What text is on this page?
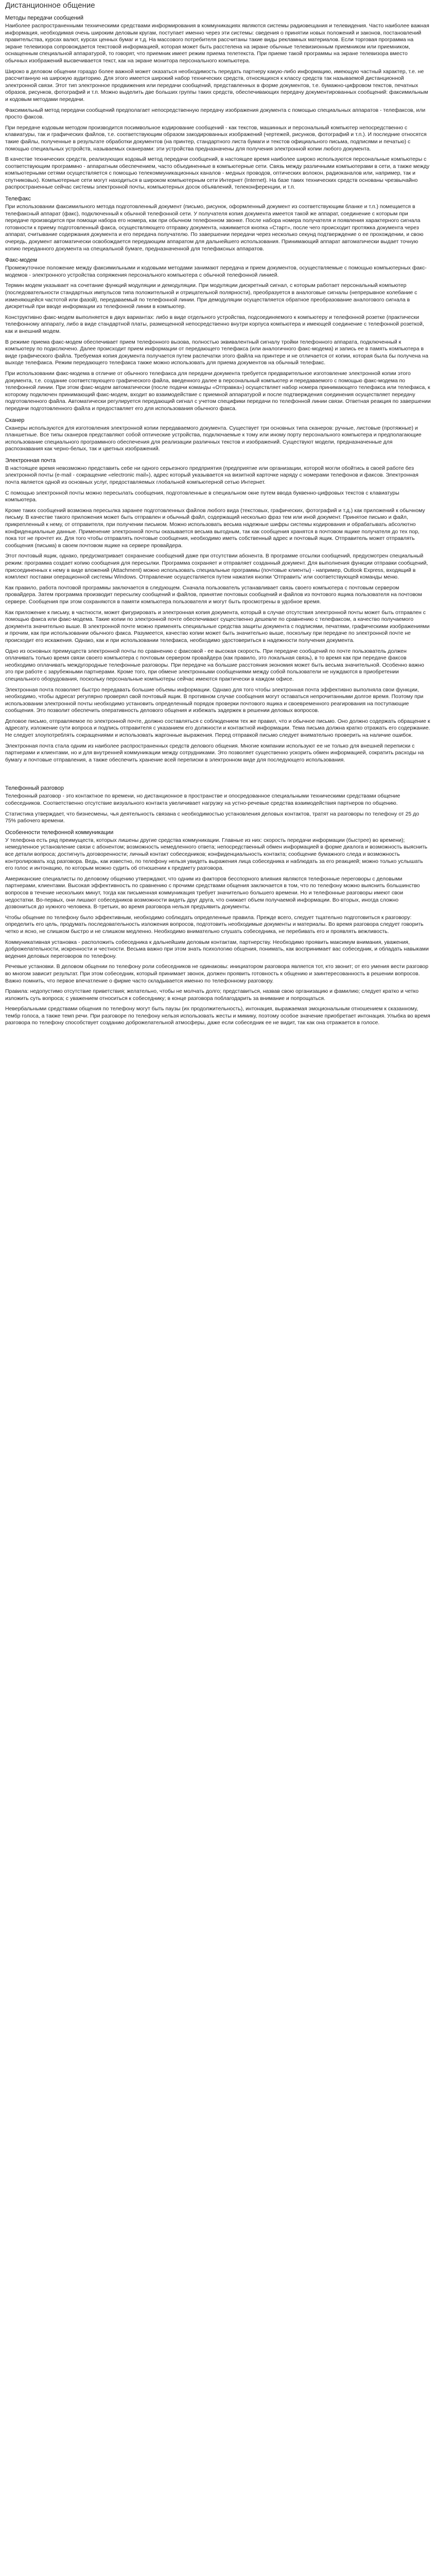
Дистанционное общение
Методы передачи сообщений

Наиболее распространенными техническими средствами информирования в коммуникациях являются системы радиовещания и телевидения. Часто наиболее важная информация, необходимая очень широким деловым кругам, поступает именно через эти системы: сведения о принятии новых положений и законов, постановлений правительства, курсах валют, курсах ценных бумаг и т.д. На массового потребителя рассчитаны такие виды рекламных материалов. Если торговая программа на экране телевизора сопровождается текстовой информацией, которая может быть расстелена на экране обычные телевизионным приемником или приемником, оснащенным специальной аппаратурой, то говорят, что приемник имеет режим приема телетекста. При приеме такой программы на экране телевизора вместо обычных изображений высвечивается текст, как на экране монитора персонального компьютера.

Широко в деловом общении гораздо более важной может оказаться необходимость передать партнеру какую-либо информацию, имеющую частный характер, т.е. не рассчитанную на широкую аудиторию. Для этого имеется широкий набор технических средств, относящихся к классу средств так называемой дистанционной электронной связи. Этот тип электронное продвижения или передачи сообщений, представленных в форме документов, т.е. бумажно-цифровом текстов, печатных образов, рисунков, фотографий и т.п. Можно выделить две больших группы таких средств, обеспечивающих передачу документированных сообщений: факсимильным и кодовым методами передачи.

Факсимильный метод передачи сообщений предполагает непосредственную передачу изображения документа с помощью специальных аппаратов - телефаксов, или просто факсов.

При передаче кодовым методом производится посимвольное кодирование сообщений - как текстов, машинных и персональный компьютер непосредственно с клавиатуры, так и графических файлов, т.е. соответствующим образом закодированных изображений (чертежей, рисунков, фотографий и т.п.). И последние относятся такие файлы, полученные в результате обработки документов (на принтер, стандартного листа бумаги и текстов официального письма, подписями и печатью) с помощью специальных устройств, называемых сканерами: эти устройства предназначены для получения электронной копии любого документа.

В качестве технических средств, реализующих кодовый метод передачи сообщений, в настоящее время наиболее широко используются персональные компьютеры с соответствующим программно - аппаратным обеспечением, часто объединенные в компьютерные сети. Связь между различными компьютерами в сети, а также между компьютерными сетями осуществляется с помощью телекоммуникационных каналов - медных проводов, оптических волокон, радиоканалов или, например, так и спутниковых). Компьютерные сети могут находиться в широком компьютерным сети Интернет (Internet). На базе таких технических средств основаны чрезвычайно распространенные сейчас системы электронной почты, компьютерных досок объявлений, телеконференции, и т.п.

Телефакс

При использовании факсимильного метода подготовленный документ (письмо, рисунок, оформленный документ из соответствующим бланке и т.п.) помещается в телефаксный аппарат (факс), подключенный к обычной телефонной сети. У получателя копия документа имеется такой же аппарат, соединение с которым при передаче производится при помощи набора его номера, как при обычном телефонном звонке. После набора номера получателя и появления характерного сигнала готовности к приему подготовленный факса, осуществляющего отправку документа, нажимается кнопка «Старт», после чего происходит протяжка документа через аппарат, считывание содержания документа и его передача получателю. По завершении передачи через несколько секунд подтверждение о ее прохождении, и свою очередь, документ автоматически освобождается передающим аппаратом для дальнейшего использования. Принимающий аппарат автоматически выдает точную копию переданного документа на специальной бумаге, предназначенной для телефаксных аппаратов.

Факс-модем

Промежуточное положение между факсимильными и кодовыми методами занимают передача и прием документов, осуществляемые с помощью компьютерных факс-модемов - электронного устройства сопряжения персонального компьютера с обычной телефонной линией.

Термин модем указывает на сочетание функций модуляции и демодуляции. При модуляции дискретный сигнал, с которым работает персональный компьютер (последовательности стандартных импульсов типа положительной и отрицательной полярности), преобразуется в аналоговые сигналы (непрерывное колебание с изменяющейся частотой или фазой), передаваемый по телефонной линии. При демодуляции осуществляется обратное преобразование аналогового сигнала в дискретный при вводе информации из телефонной линии в компьютер.

Конструктивно факс-модем выполняется в двух вариантах: либо в виде отдельного устройства, подсоединяемого к компьютеру и телефонной розетке (практически телефонному аппарату, либо в виде стандартной платы, размещенной непосредственно внутри корпуса компьютера и имеющей соединение с телефонной розеткой, как и внешний модем.

В режиме приема факс-модем обеспечивает прием телефонного вызова, полностью эквивалентный сигналу тройки телефонного аппарата, подключенный к компьютеру по подкслючено. Далее происходит прием информации от передающего телефакса (или аналогичного факс-модема) и запись ее в память компьютера в виде графического файла. Требуемая копия документа получается путем распечатки этого файла на принтере и не отличается от копии, которая была бы получена на выходе телефакса. Режим передающего телефакса также можно использовать для приема документов на обычный телефакс.

При использовании факс-модема в отличие от обычного телефакса для передачи документа требуется предварительное изготовление электронной копии этого документа, т.е. создание соответствующего графического файла, введенного далее в персональный компьютер и передаваемого с помощью факс-модема по телефонной линии. При этом факс-модем автоматически (после подачи команды «Отправка») осуществляет набор номера принимающего телефакса или телефакса, к которому подключен принимающий факс-модем, входит во взаимодействие с приемной аппаратурой и после подтверждения соединения осуществляет передачу подготовленного файла. Автоматически регулируется передающий сигнал с учетом специфики передачи по телефонной линии связи. Ответная реакция по завершении передачи подготовленного файла и предоставляет его для использования обычного факса.

Сканер

Сканеры используются для изготовления электронной копии передаваемого документа. Существует три основных типа сканеров: ручные, листовые (протяжные) и планшетные. Все типы сканеров представляют собой оптические устройства, подключаемые к тому или иному порту персонального компьютера и предполагающие использование специального программного обеспечения для реализации различных текстов и изображений. Существуют модели, предназначенные для распознавания как черно-белых, так и цветных изображений.

Электронная почта

В настоящее время невозможно представить себе ни одного серьезного предприятия (предприятие или организации, которой могли обойтись в своей работе без электронной почты (e-mail - сокращение «electronic mail»), адрес который указывается на визитной карточке наряду с номерами телефонов и факсов. Электронная почта является одной из основных услуг, предоставляемых глобальной компьютерной сетью Интернет.

С помощью электронной почты можно пересылать сообщения, подготовленные в специальном окне путем ввода буквенно-цифровых текстов с клавиатуры компьютера.

Кроме таких сообщений возможна пересылка заранее подготовленных файлов любого вида (текстовых, графических, фотографий и т.д.) как приложений к обычному письму. В качестве такого приложения может быть отправлен и обычный файл, содержащий несколько фраз тем или иной документ. Принятое письмо и файл, прикрепленный к нему, от отправителя, при получении письмом. Можно использовать весьма надежные шифры системы кодирования и обрабатывать абсолютно конфиденциальные данные. Применение электронной почты оказывается весьма выгодным, так как сообщения хранятся в почтовом ящике получателя до тех пор, пока тот не прочтет их. Для того чтобы отправлять почтовые сообщения, необходимо иметь собственный адрес и почтовый ящик. Отправитель может отправлять сообщения (письма) в своем почтовом ящике на сервере провайдера.

Этот почтовый ящик, однако, предусматривает сохранение сообщений даже при отсутствии абонента. В программе отсылки сообщений, предусмотрен специальный режим: программа создает копию сообщения для пересылки. Программа сохраняет и отправляет созданный документ. Для выполнения функции отправки сообщений, присоединенных к нему в виде вложений (Attachment) можно использовать специальные программы (почтовые клиенты) - например, Outlook Express, входящий в комплект поставки операционной системы Windows. Отправление осуществляется путем нажатия кнопки 'Отправить' или соответствующей команды меню.

Как правило, работа почтовой программы заключается в следующем. Сначала пользователь устанавливает связь своего компьютера с почтовым сервером провайдера. Затем программа производит пересылку сообщений и файлов, принятие почтовых сообщений и файлов из почтового ящика пользователя на почтовом сервере. Сообщения при этом сохраняются в памяти компьютера пользователя и могут быть просмотрены в удобное время.

Как приложение к письму, в частности, может фигурировать и электронная копия документа, который в случае отсутствия электронной почты может быть отправлен с помощью факса или факс-модема. Такие копии по электронной почте обеспечивают существенно дешевле по сравнению с телефаксом, а качество получаемого документа значительно выше. В электронной почте можно применять специальные средства защиты документа с подписями, печатями, графическими изображениями и прочим, как при использовании обычного факса. Разумеется, качество копии может быть значительно выше, поскольку при передаче по электронной почте не происходит его искажения. Однако, как и при использовании телефакса, необходимо удостовериться в надежности получения документа.

Одно из основных преимуществ электронной почты по сравнению с факсовой - ее высокая скорость. При передаче сообщений по почте пользователь должен оплачивать только время связи своего компьютера с почтовым сервером провайдера (как правило, это локальная связь), в то время как при передаче факсов необходимо оплачивать междугородные телефонные разговоры. При передаче на большие расстояния экономия может быть весьма значительной. Особенно важно это при работе с зарубежными партнерами. Кроме того, при обмене электронными сообщениями между собой пользователи не нуждаются в приобретении специального оборудования, поскольку персональные компьютеры сейчас имеются практически в каждом офисе.

Электронная почта позволяет быстро передавать большие объемы информации. Однако для того чтобы электронная почта эффективно выполняла свои функции, необходимо, чтобы адресат регулярно проверял свой почтовый ящик. В противном случае сообщения могут оставаться непрочитанными долгое время. Поэтому при использовании электронной почты необходимо установить определенный порядок проверки почтового ящика и своевременного реагирования на поступающие сообщения. Это позволит обеспечить оперативность делового общения и избежать задержек в решении деловых вопросов.

Деловое письмо, отправляемое по электронной почте, должно составляться с соблюдением тех же правил, что и обычное письмо. Оно должно содержать обращение к адресату, изложение сути вопроса и подпись отправителя с указанием его должности и контактной информации. Тема письма должна кратко отражать его содержание. Не следует злоупотреблять сокращениями и использовать жаргонные выражения. Перед отправкой письмо следует внимательно проверить на наличие ошибок.

Электронная почта стала одним из наиболее распространенных средств делового общения. Многие компании используют ее не только для внешней переписки с партнерами и клиентами, но и для внутренней коммуникации между сотрудниками. Это позволяет существенно ускорить обмен информацией, сократить расходы на бумагу и почтовые отправления, а также обеспечить хранение всей переписки в электронном виде для последующего использования.

Телефонный разговор

Телефонный разговор - это контактное по времени, но дистанционное в пространстве и опосредованное специальными техническими средствами общение собеседников. Соответственно отсутствие визуального контакта увеличивает нагрузку на устно-речевые средства взаимодействия партнеров по общению.

Статистика утверждает, что бизнесмены, чья деятельность связана с необходимостью установления деловых контактов, тратят на разговоры по телефону от 25 до 75% рабочего времени.

Особенности телефонной коммуникации

У телефона есть ряд преимуществ, которых лишены другие средства коммуникации. Главные из них: скорость передачи информации (быстрее) во времени); немедленное установление связи с абонентом; возможность немедленного ответа; непосредственный обмен информацией в форме диалога и возможность выяснить все детали вопроса; достигнуть договоренности; личный контакт собеседников; конфиденциальность контакта; сообщение бумажного следа и возможность контролировать ход разговора. Ведь, как известно, по телефону нельзя увидеть выражения лица собеседника и наблюдать за его реакцией; можно только услышать его голос и интонацию, по которым можно судить об отношении к предмету разговора.

Американские специалисты по деловому общению утверждают, что одним из факторов бесспорного влияния являются телефонные переговоры с деловыми партнерами, клиентами. Высокая эффективность по сравнению с прочими средствами общения заключается в том, что по телефону можно выяснить большинство вопросов в течение нескольких минут, тогда как письменная коммуникация требует значительно большего времени. Но и телефонные разговоры имеют свои недостатки. Во-первых, они лишают собеседников возможности видеть друг друга, что снижает объем получаемой информации. Во-вторых, иногда сложно дозвониться до нужного человека. В-третьих, во время разговора нельзя предъявить документы.

Чтобы общение по телефону было эффективным, необходимо соблюдать определенные правила. Прежде всего, следует тщательно подготовиться к разговору: определить его цель, продумать последовательность изложения вопросов, подготовить необходимые документы и материалы. Во время разговора следует говорить четко и ясно, не слишком быстро и не слишком медленно. Необходимо внимательно слушать собеседника, не перебивать его и проявлять вежливость.

Коммуникативная установка - расположить собеседника к дальнейшим деловым контактам, партнерству. Необходимо проявить максимум внимания, уважения, доброжелательности, искренности и честности. Весьма важно при этом знать психологию общения, понимать, как воспринимает вас собеседник, и обладать навыками ведения деловых переговоров по телефону.

Речевые установки. В деловом общении по телефону роли собеседников не одинаковы: инициатором разговора является тот, кто звонит; от его умения вести разговор во многом зависит результат. При этом собеседник, который принимает звонок, должен проявить готовность к общению и заинтересованность в решении вопросов. Важно помнить, что первое впечатление о фирме часто складывается именно по телефонному разговору.

Правила: недопустимо отсутствие приветствия; желательно, чтобы не молчать долго; представиться, назвав свою организацию и фамилию; следует кратко и четко изложить суть вопроса; с уважением относиться к собеседнику; в конце разговора поблагодарить за внимание и попрощаться.

Невербальными средствами общения по телефону могут быть паузы (их продолжительность), интонация, выражаемая эмоциональным отношением к сказанному, тембр голоса, а также темп речи. При разговоре по телефону нельзя использовать жесты и мимику, поэтому особое значение приобретает интонация. Улыбка во время разговора по телефону способствует созданию доброжелательной атмосферы, даже если собеседник ее не видит, так как она отражается в голосе.
